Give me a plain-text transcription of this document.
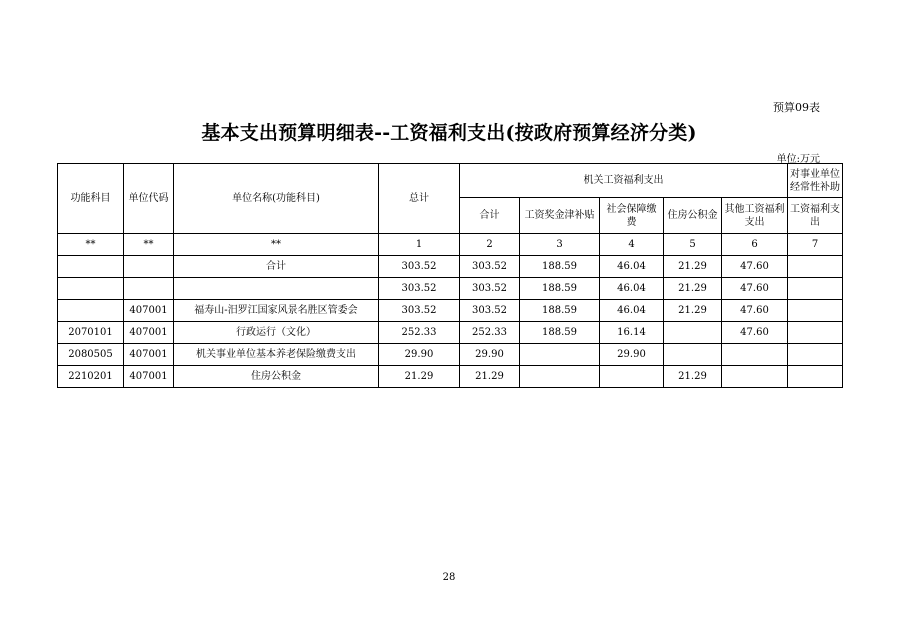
预算09表
基本支出预算明细表--工资福利支出(按政府预算经济分类)
单位:万元
功能科目	单位代码	单位名称(功能科目)	总计	机关工资福利支出					对事业单位经常性补助
				合计	工资奖金津补贴	社会保障缴费	住房公积金	其他工资福利支出	工资福利支出
**	**	**	1	2	3	4	5	6	7
		合计	303.52	303.52	188.59	46.04	21.29	47.60	
			303.52	303.52	188.59	46.04	21.29	47.60	
	407001	福寿山-汨罗江国家风景名胜区管委会	303.52	303.52	188.59	46.04	21.29	47.60	
2070101	407001	行政运行（文化）	252.33	252.33	188.59	16.14		47.60	
2080505	407001	机关事业单位基本养老保险缴费支出	29.90	29.90		29.90			
2210201	407001	住房公积金	21.29	21.29			21.29		
28
